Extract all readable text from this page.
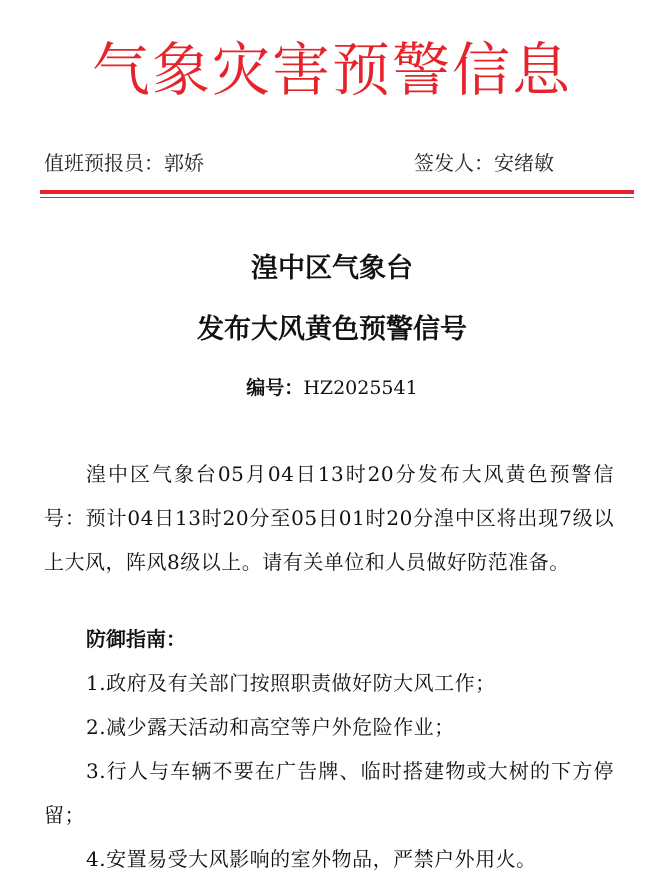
气象灾害预警信息
值班预报员：郭娇	签发人：安绪敏
湟中区气象台
发布大风黄色预警信号
编号：HZ2025541

湟中区气象台05月04日13时20分发布大风黄色预警信号：预计04日13时20分至05日01时20分湟中区将出现7级以上大风，阵风8级以上。请有关单位和人员做好防范准备。

防御指南：
1.政府及有关部门按照职责做好防大风工作；
2.减少露天活动和高空等户外危险作业；
3.行人与车辆不要在广告牌、临时搭建物或大树的下方停留；
4.安置易受大风影响的室外物品，严禁户外用火。
